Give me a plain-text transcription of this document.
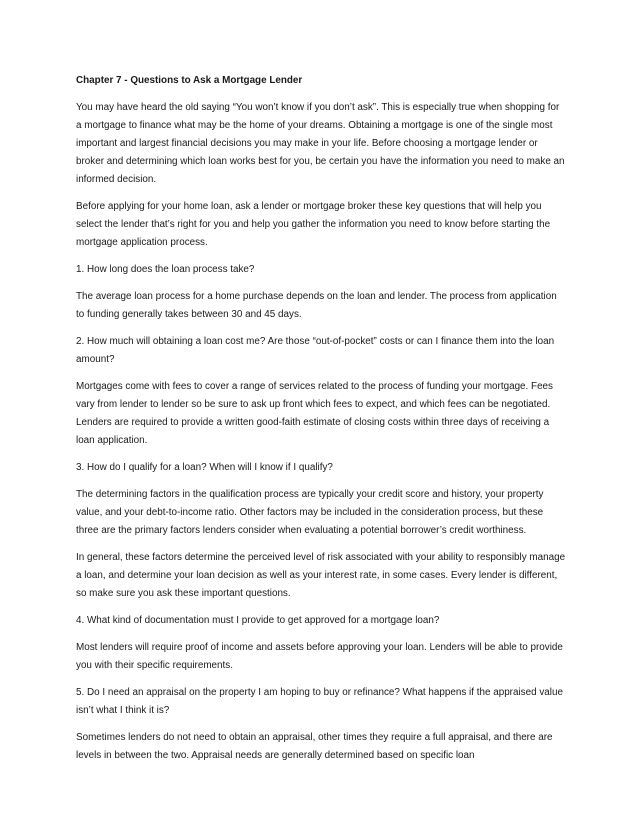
Chapter 7 - Questions to Ask a Mortgage Lender

You may have heard the old saying “You won’t know if you don’t ask”. This is especially true when shopping for a mortgage to finance what may be the home of your dreams. Obtaining a mortgage is one of the single most important and largest financial decisions you may make in your life. Before choosing a mortgage lender or broker and determining which loan works best for you, be certain you have the information you need to make an informed decision.

Before applying for your home loan, ask a lender or mortgage broker these key questions that will help you select the lender that’s right for you and help you gather the information you need to know before starting the mortgage application process.

1. How long does the loan process take?

The average loan process for a home purchase depends on the loan and lender. The process from application to funding generally takes between 30 and 45 days.

2. How much will obtaining a loan cost me? Are those “out-of-pocket” costs or can I finance them into the loan amount?

Mortgages come with fees to cover a range of services related to the process of funding your mortgage. Fees vary from lender to lender so be sure to ask up front which fees to expect, and which fees can be negotiated. Lenders are required to provide a written good-faith estimate of closing costs within three days of receiving a loan application.

3. How do I qualify for a loan? When will I know if I qualify?

The determining factors in the qualification process are typically your credit score and history, your property value, and your debt-to-income ratio. Other factors may be included in the consideration process, but these three are the primary factors lenders consider when evaluating a potential borrower’s credit worthiness.

In general, these factors determine the perceived level of risk associated with your ability to responsibly manage a loan, and determine your loan decision as well as your interest rate, in some cases. Every lender is different, so make sure you ask these important questions.

4. What kind of documentation must I provide to get approved for a mortgage loan?

Most lenders will require proof of income and assets before approving your loan. Lenders will be able to provide you with their specific requirements.

5. Do I need an appraisal on the property I am hoping to buy or refinance? What happens if the appraised value isn’t what I think it is?

Sometimes lenders do not need to obtain an appraisal, other times they require a full appraisal, and there are levels in between the two. Appraisal needs are generally determined based on specific loan
